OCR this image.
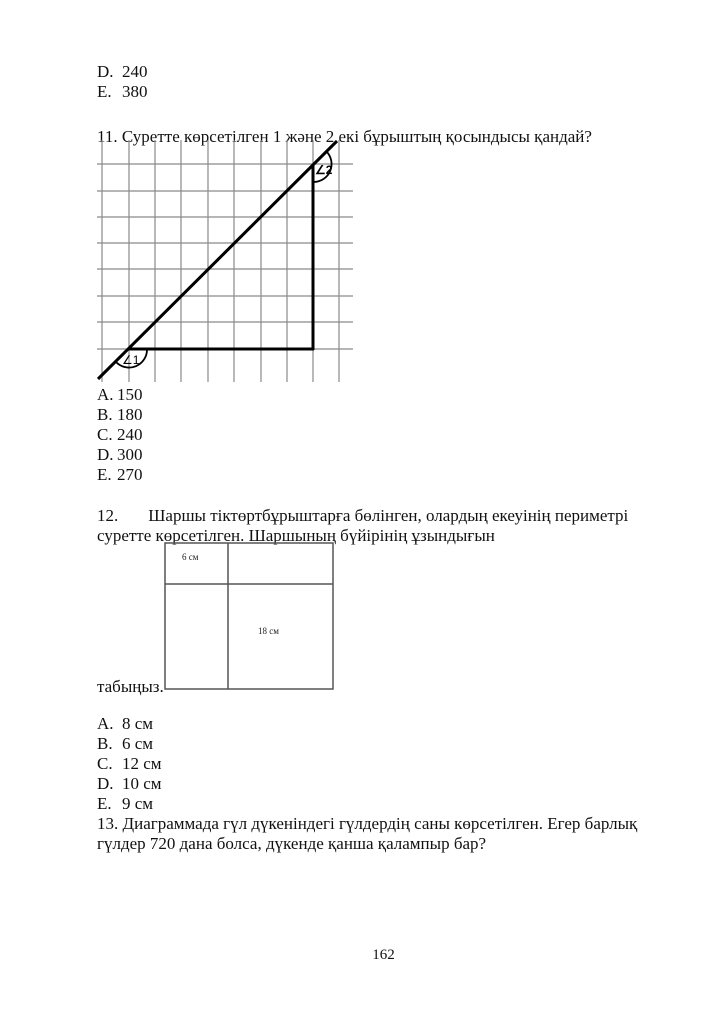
D. 240
E. 380
11. Суретте көрсетілген 1 және 2 екі бұрыштың қосындысы қандай?
∠1
∠2
A. 150
B. 180
C. 240
D. 300
E. 270
12. Шаршы тіктөртбұрыштарға бөлінген, олардың екеуінің периметрі
суретте көрсетілген. Шаршының бүйірінің ұзындығын
табыңыз.
6 см
18 см
A. 8 см
B. 6 см
C. 12 см
D. 10 см
E. 9 см
13. Диаграммада гүл дүкеніндегі гүлдердің саны көрсетілген. Егер барлық
гүлдер 720 дана болса, дүкенде қанша қалампыр бар?
162
